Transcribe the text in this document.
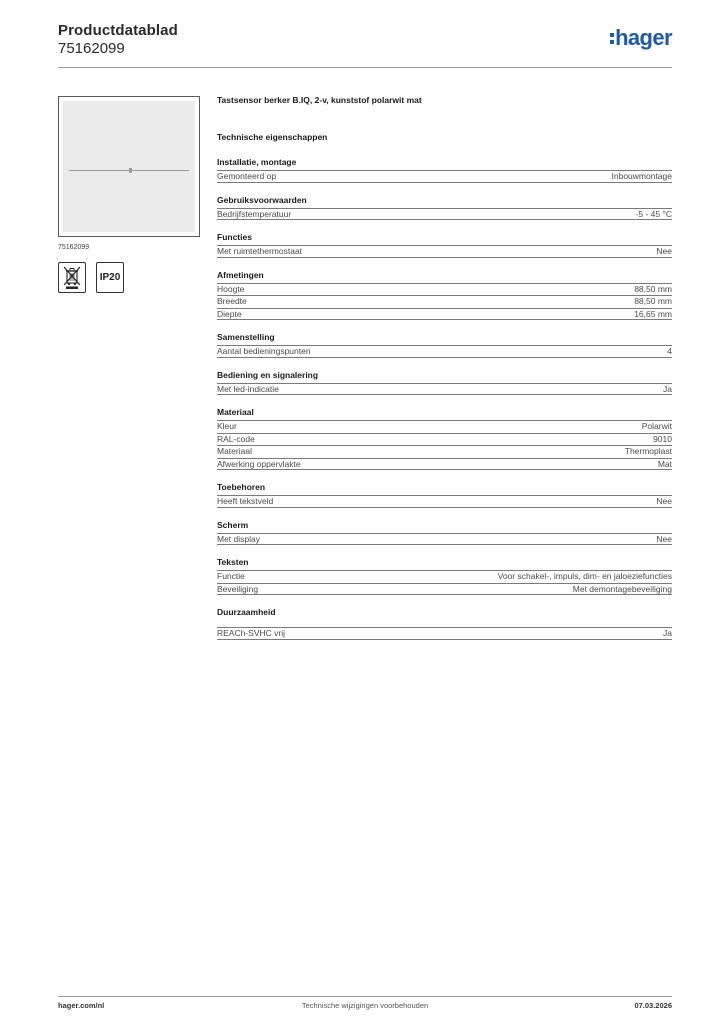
Productdatablad
75162099	hager
75162099
IP20
Tastsensor berker B.IQ, 2-v, kunststof polarwit mat
Technische eigenschappen
Installatie, montage
Gemonteerd op	Inbouwmontage
Gebruiksvoorwaarden
Bedrijfstemperatuur	-5 - 45 °C
Functies
Met ruimtethermostaat	Nee
Afmetingen
Hoogte	88,50 mm
Breedte	88,50 mm
Diepte	16,65 mm
Samenstelling
Aantal bedieningspunten	4
Bediening en signalering
Met led-indicatie	Ja
Materiaal
Kleur	Polarwit
RAL-code	9010
Materiaal	Thermoplast
Afwerking oppervlakte	Mat
Toebehoren
Heeft tekstveld	Nee
Scherm
Met display	Nee
Teksten
Functie	Voor schakel-, impuls, dim- en jaloeziefuncties
Beveiliging	Met demontagebeveiliging
Duurzaamheid
REACh-SVHC vrij	Ja
hager.com/nl	Technische wijzigingen voorbehouden	07.03.2026
